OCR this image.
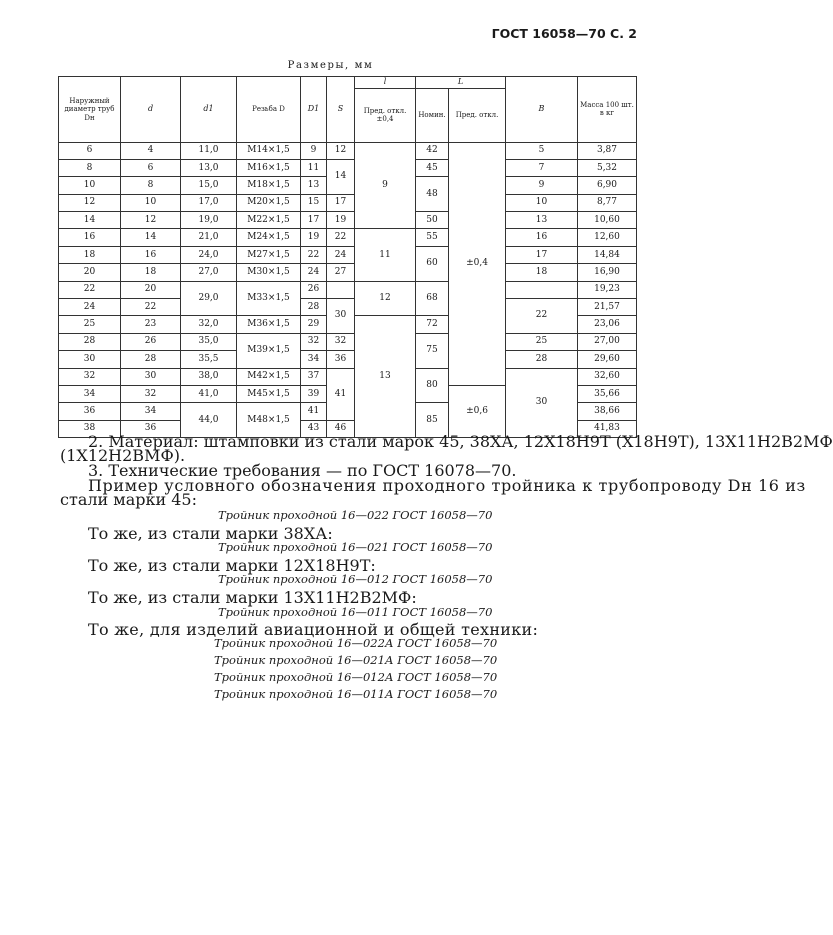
ГОСТ 16058—70 С. 2
Размеры, мм
Наружный диаметр труб Dн	d	d1	Резьба D	D1	S	l	L		B	Масса 100 шт. в кг
						Пред. откл. ±0,4	Номин.	Пред. откл.		
6	4	11,0	М14×1,5	9	12	9	42	±0,4	5	3,87
8	6	13,0	М16×1,5	11	14		45		7	5,32
10	8	15,0	М18×1,5	13			48		9	6,90
12	10	17,0	М20×1,5	15	17				10	8,77
14	12	19,0	М22×1,5	17	19		50		13	10,60
16	14	21,0	М24×1,5	19	22	11	55		16	12,60
18	16	24,0	М27×1,5	22	24		60		17	14,84
20	18	27,0	М30×1,5	24	27				18	16,90
22	20	29,0	М33×1,5	26		12	68			19,23
24	22			28	30				22	21,57
25	23	32,0	М36×1,5	29		13	72			23,06
28	26	35,0	М39×1,5	32	32		75		25	27,00
30	28	35,5		34	36				28	29,60
32	30	38,0	М42×1,5	37	41		80		30	32,60
34	32	41,0	М45×1,5	39				±0,6		35,66
36	34	44,0	М48×1,5	41			85			38,66
38	36			43	46					41,83
2. Материал: штамповки из стали марок 45, 38ХА, 12Х18Н9Т (Х18Н9Т), 13Х11Н2В2МФ
(1Х12Н2ВМФ).
3. Технические требования — по ГОСТ 16078—70.
Пример условного обозначения проходного тройника к трубопроводу Dн 16 из
стали марки 45:
Тройник проходной 16—022 ГОСТ 16058—70
То же, из стали марки 38ХА:
Тройник проходной 16—021 ГОСТ 16058—70
То же, из стали марки 12Х18Н9Т:
Тройник проходной 16—012 ГОСТ 16058—70
То же, из стали марки 13Х11Н2В2МФ:
Тройник проходной 16—011 ГОСТ 16058—70
То же, для изделий авиационной и общей техники:
Тройник проходной 16—022А ГОСТ 16058—70
Тройник проходной 16—021А ГОСТ 16058—70
Тройник проходной 16—012А ГОСТ 16058—70
Тройник проходной 16—011А ГОСТ 16058—70
